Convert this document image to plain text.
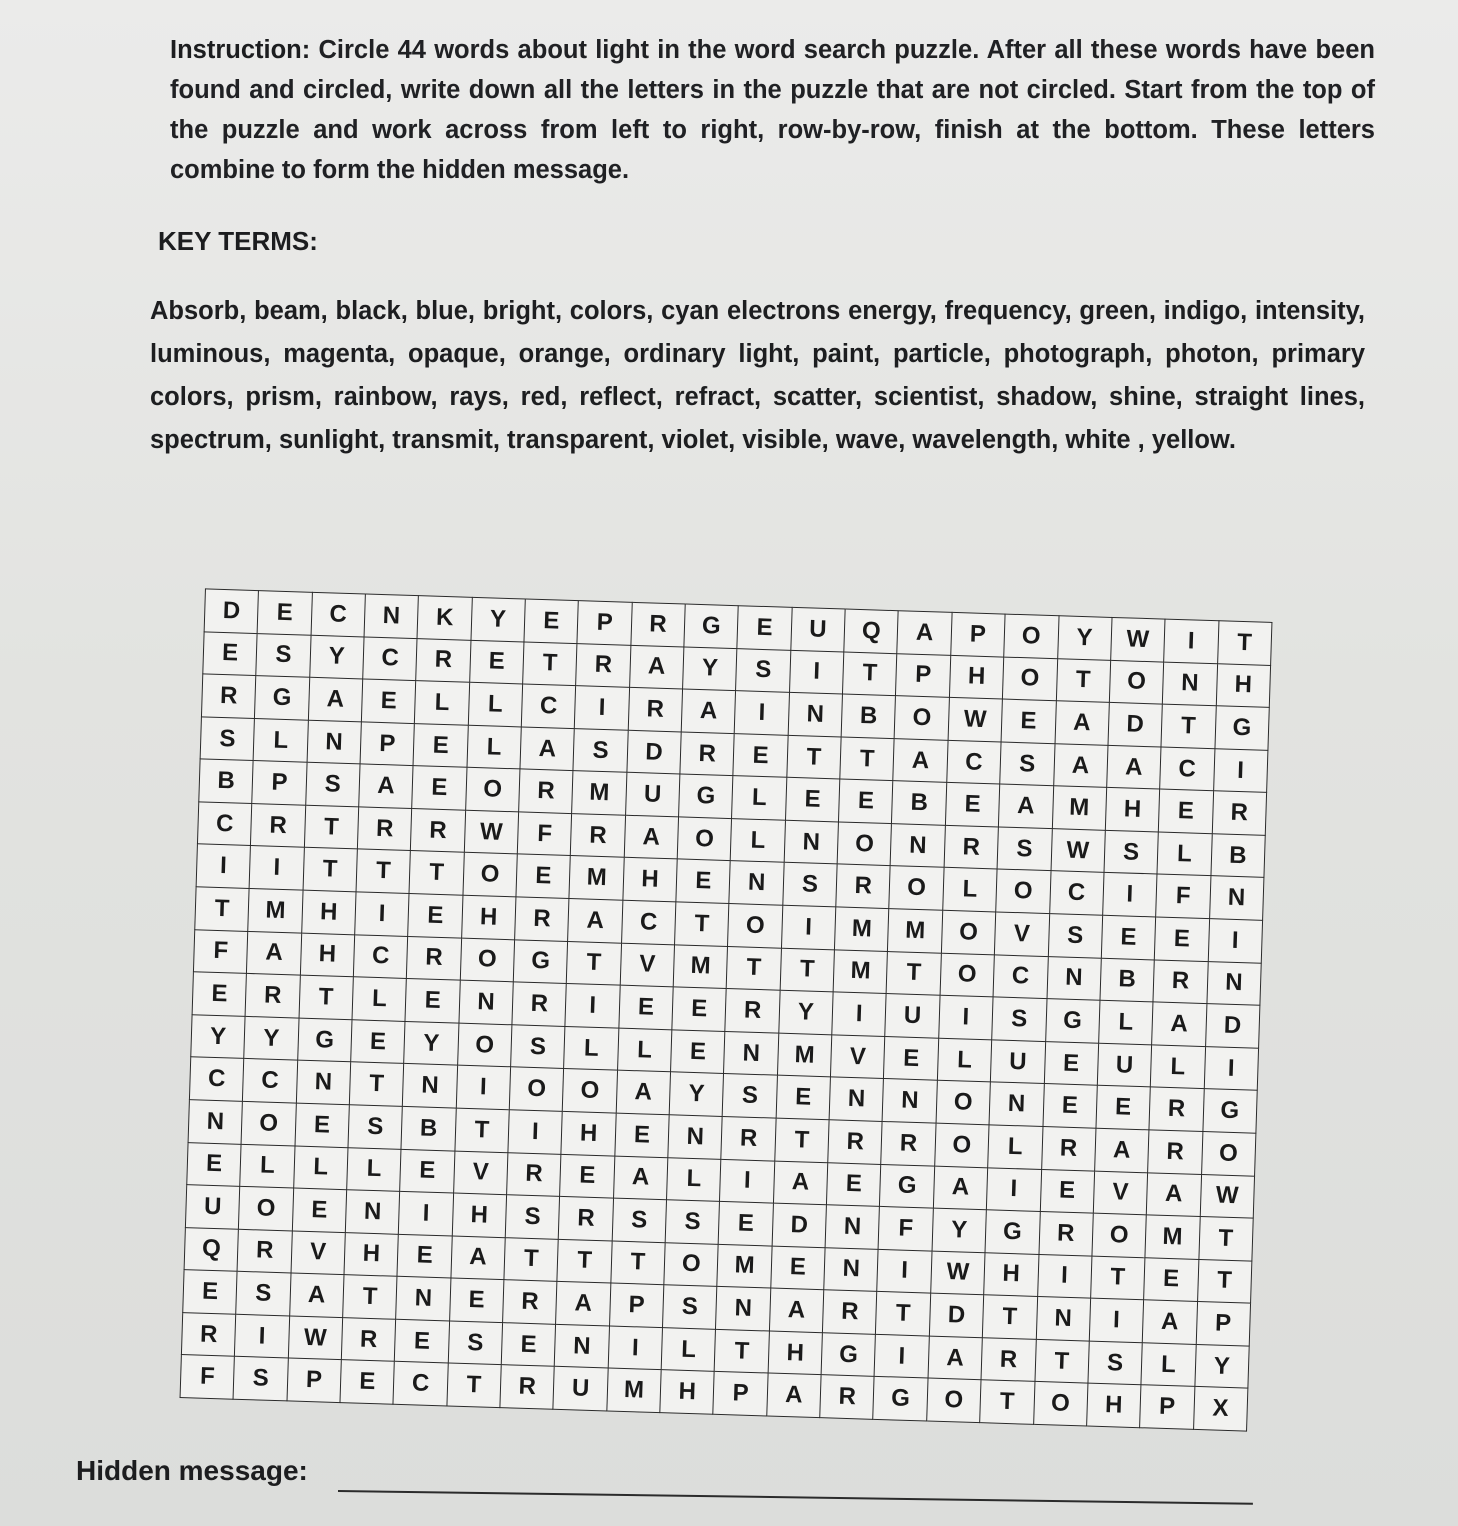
Instruction: Circle 44 words about light in the word search puzzle. After all these words have been found and circled, write down all the letters in the puzzle that are not circled. Start from the top of the puzzle and work across from left to right, row-by-row, finish at the bottom. These letters combine to form the hidden message.

KEY TERMS:

Absorb, beam, black, blue, bright, colors, cyan electrons energy, frequency, green, indigo, intensity, luminous, magenta, opaque, orange, ordinary light, paint, particle, photograph, photon, primary colors, prism, rainbow, rays, red, reflect, refract, scatter, scientist, shadow, shine, straight lines, spectrum, sunlight, transmit, transparent, violet, visible, wave, wavelength, white , yellow.

D	E	C	N	K	Y	E	P	R	G	E	U	Q	A	P	O	Y	W	I	T
E	S	Y	C	R	E	T	R	A	Y	S	I	T	P	H	O	T	O	N	H
R	G	A	E	L	L	C	I	R	A	I	N	B	O	W	E	A	D	T	G
S	L	N	P	E	L	A	S	D	R	E	T	T	A	C	S	A	A	C	I
B	P	S	A	E	O	R	M	U	G	L	E	E	B	E	A	M	H	E	R
C	R	T	R	R	W	F	R	A	O	L	N	O	N	R	S	W	S	L	B
I	I	T	T	T	O	E	M	H	E	N	S	R	O	L	O	C	I	F	N
T	M	H	I	E	H	R	A	C	T	O	I	M	M	O	V	S	E	E	I
F	A	H	C	R	O	G	T	V	M	T	T	M	T	O	C	N	B	R	N
E	R	T	L	E	N	R	I	E	E	R	Y	I	U	I	S	G	L	A	D
Y	Y	G	E	Y	O	S	L	L	E	N	M	V	E	L	U	E	U	L	I
C	C	N	T	N	I	O	O	A	Y	S	E	N	N	O	N	E	E	R	G
N	O	E	S	B	T	I	H	E	N	R	T	R	R	O	L	R	A	R	O
E	L	L	L	E	V	R	E	A	L	I	A	E	G	A	I	E	V	A	W
U	O	E	N	I	H	S	R	S	S	E	D	N	F	Y	G	R	O	M	T
Q	R	V	H	E	A	T	T	T	O	M	E	N	I	W	H	I	T	E	T
E	S	A	T	N	E	R	A	P	S	N	A	R	T	D	T	N	I	A	P
R	I	W	R	E	S	E	N	I	L	T	H	G	I	A	R	T	S	L	Y
F	S	P	E	C	T	R	U	M	H	P	A	R	G	O	T	O	H	P	X

Hidden message:
